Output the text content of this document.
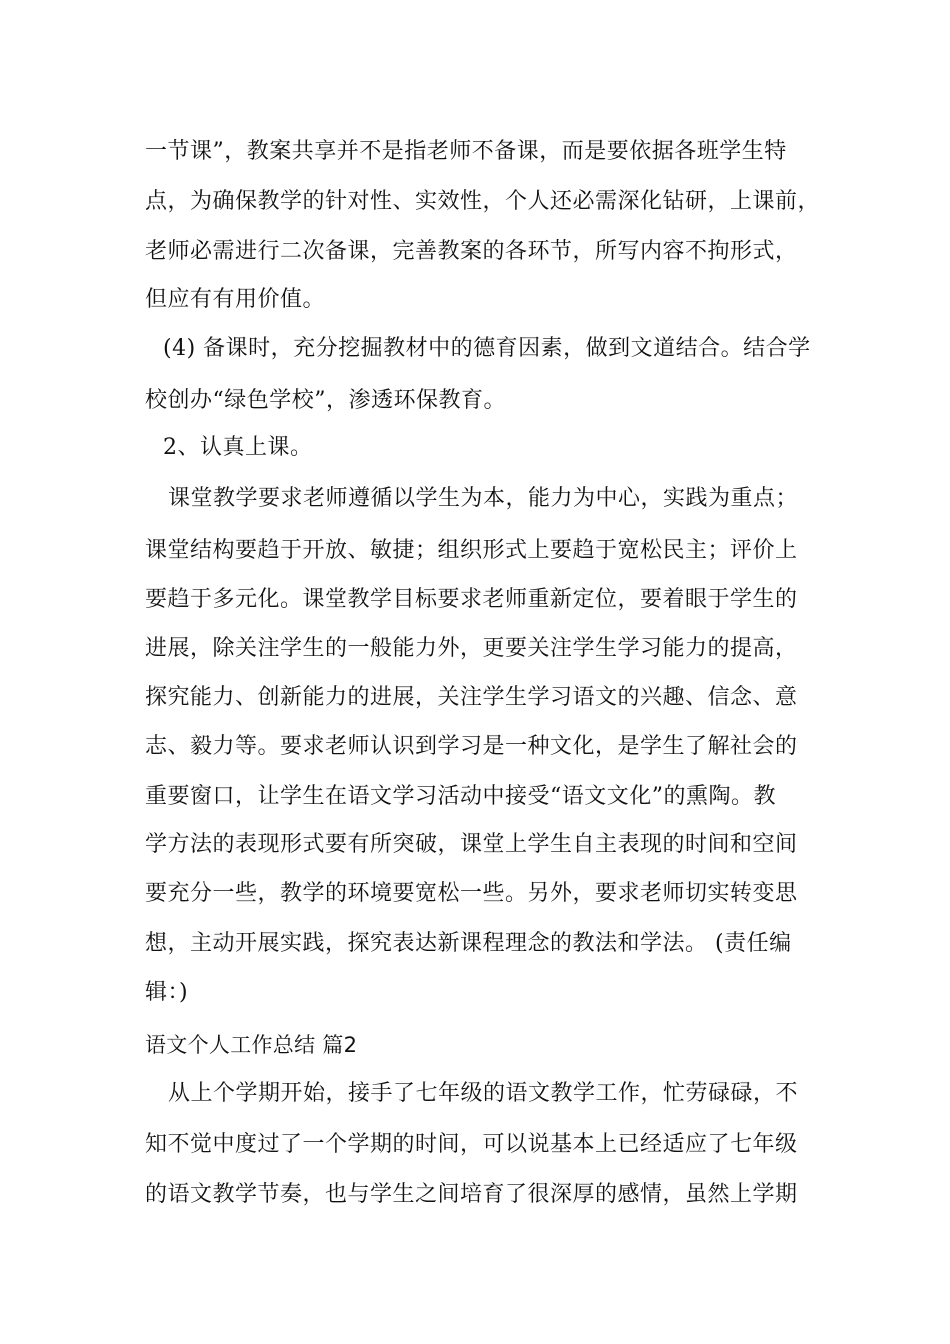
一节课”，教案共享并不是指老师不备课，而是要依据各班学生特
点，为确保教学的针对性、实效性，个人还必需深化钻研，上课前，
老师必需进行二次备课，完善教案的各环节，所写内容不拘形式，
但应有有用价值。
(4) 备课时，充分挖掘教材中的德育因素，做到文道结合。结合学
校创办“绿色学校”，渗透环保教育。
2、认真上课。
课堂教学要求老师遵循以学生为本，能力为中心，实践为重点；
课堂结构要趋于开放、敏捷；组织形式上要趋于宽松民主；评价上
要趋于多元化。课堂教学目标要求老师重新定位，要着眼于学生的
进展，除关注学生的一般能力外，更要关注学生学习能力的提高，
探究能力、创新能力的进展，关注学生学习语文的兴趣、信念、意
志、毅力等。要求老师认识到学习是一种文化，是学生了解社会的
重要窗口，让学生在语文学习活动中接受“语文文化”的熏陶。教
学方法的表现形式要有所突破，课堂上学生自主表现的时间和空间
要充分一些，教学的环境要宽松一些。另外，要求老师切实转变思
想，主动开展实践，探究表达新课程理念的教法和学法。 (责任编
辑：)
语文个人工作总结 篇2
从上个学期开始，接手了七年级的语文教学工作，忙劳碌碌，不
知不觉中度过了一个学期的时间，可以说基本上已经适应了七年级
的语文教学节奏，也与学生之间培育了很深厚的感情，虽然上学期
